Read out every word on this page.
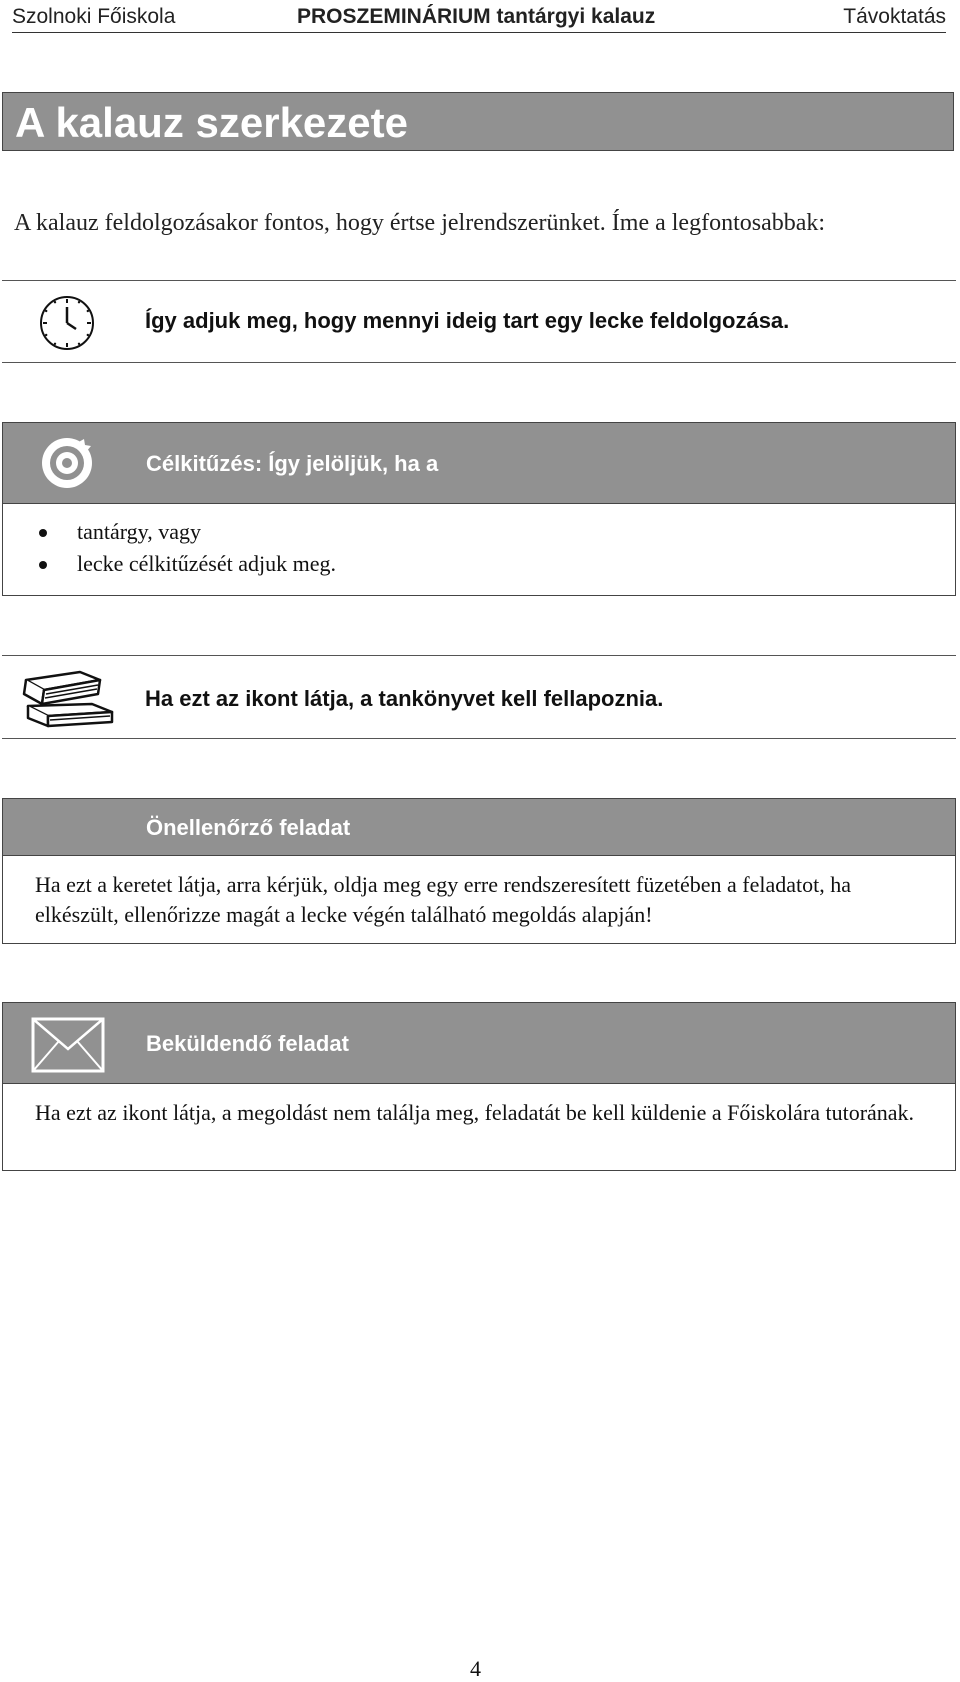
Szolnoki Főiskola	PROSZEMINÁRIUM tantárgyi kalauz	Távoktatás
A kalauz szerkezete
A kalauz feldolgozásakor fontos, hogy értse jelrendszerünket. Íme a legfontosabbak:
Így adjuk meg, hogy mennyi ideig tart egy lecke feldolgozása.
Célkitűzés: Így jelöljük, ha a
tantárgy, vagy
lecke célkitűzését adjuk meg.
Ha ezt az ikont látja, a tankönyvet kell fellapoznia.
Önellenőrző feladat
Ha ezt a keretet látja, arra kérjük, oldja meg egy erre rendszeresített füzetében a feladatot, ha elkészült, ellenőrizze magát a lecke végén található megoldás alapján!
Beküldendő feladat
Ha ezt az ikont látja, a megoldást nem találja meg, feladatát be kell küldenie a Főiskolára tutorának.
4
